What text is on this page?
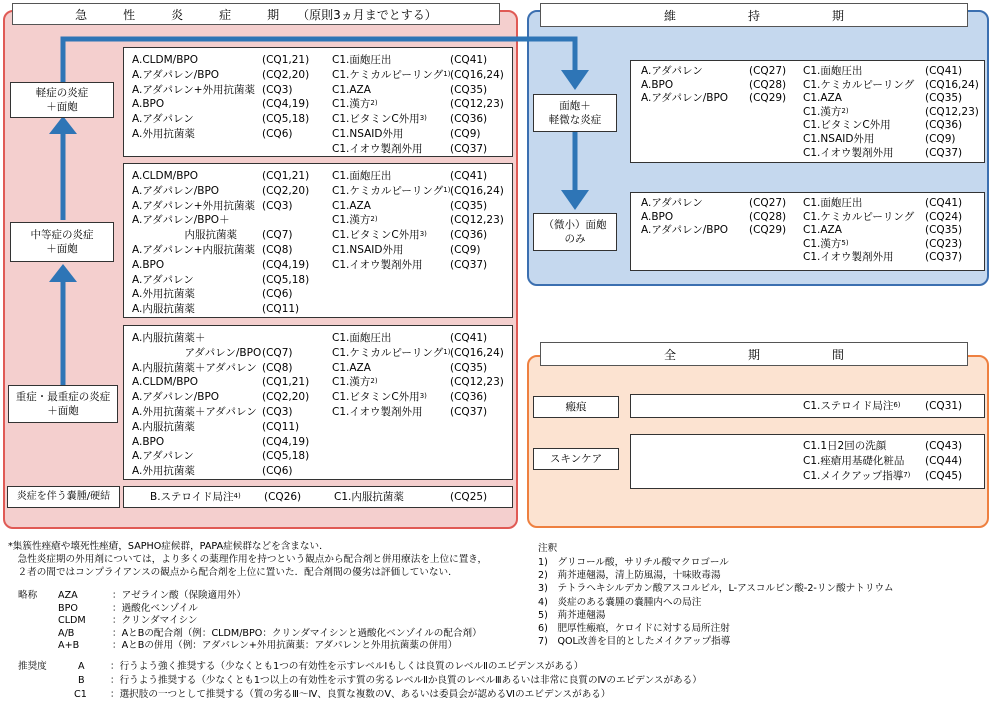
急　　　性　　　炎　　　症　　　期　　（原則3ヵ月までとする）	維　　　　　　持　　　　　　期
全　　　　　　期　　　　　　間
軽症の炎症
＋面皰
中等症の炎症
＋面皰
重症・最重症の炎症
＋面皰
A.CLDM/BPO	(CQ1,21)
A.アダパレン/BPO	(CQ2,20)
A.アダパレン+外用抗菌薬 (CQ3)
A.BPO	(CQ4,19)
A.アダパレン	(CQ5,18)
A.外用抗菌薬	(CQ6)
C1.面皰圧出	(CQ41)
C1.ケミカルピーリング$^{1)}$ (CQ16,24)
C1.AZA	(CQ35)
C1.漢方$^{2)}$	(CQ12,23)
C1.ビタミンC外用$^{3)}$ (CQ36)
C1.NSAID外用	(CQ9)
C1.イオウ製剤外用	(CQ37)
A.CLDM/BPO	(CQ1,21)
A.アダパレン/BPO	(CQ2,20)
A.アダパレン+外用抗菌薬 (CQ3)
A.アダパレン/BPO＋
　　　　　内服抗菌薬 (CQ7)
A.アダパレン+内服抗菌薬 (CQ8)
A.BPO	(CQ4,19)
A.アダパレン	(CQ5,18)
A.外用抗菌薬	(CQ6)
A.内服抗菌薬	(CQ11)
C1.面皰圧出	(CQ41)
C1.ケミカルピーリング$^{1)}$ (CQ16,24)
C1.AZA	(CQ35)
C1.漢方$^{2)}$	(CQ12,23)
C1.ビタミンC外用$^{3)}$ (CQ36)
C1.NSAID外用	(CQ9)
C1.イオウ製剤外用	(CQ37)
A.内服抗菌薬＋
　　　　　アダパレン/BPO (CQ7)
A.内服抗菌薬＋アダパレン (CQ8)
A.CLDM/BPO	(CQ1,21)
A.アダパレン/BPO	(CQ2,20)
A.外用抗菌薬＋アダパレン (CQ3)
A.内服抗菌薬	(CQ11)
A.BPO	(CQ4,19)
A.アダパレン	(CQ5,18)
A.外用抗菌薬	(CQ6)
C1.面皰圧出	(CQ41)
C1.ケミカルピーリング$^{1)}$ (CQ16,24)
C1.AZA	(CQ35)
C1.漢方$^{2)}$	(CQ12,23)
C1.ビタミンC外用$^{3)}$ (CQ36)
C1.イオウ製剤外用	(CQ37)
炎症を伴う嚢腫/硬結	B.ステロイド局注$^{4)}$ (CQ26)	C1.内服抗菌薬	(CQ25)
面皰＋
軽微な炎症
（微小）面皰
のみ
A.アダパレン	(CQ27)
A.BPO	(CQ28)
A.アダパレン/BPO (CQ29)
C1.面皰圧出	(CQ41)
C1.ケミカルピーリング (CQ16,24)
C1.AZA	(CQ35)
C1.漢方$^{2)}$	(CQ12,23)
C1.ビタミンC外用	(CQ36)
C1.NSAID外用	(CQ9)
C1.イオウ製剤外用	(CQ37)
A.アダパレン	(CQ27)
A.BPO	(CQ28)
A.アダパレン/BPO (CQ29)
C1.面皰圧出	(CQ41)
C1.ケミカルピーリング (CQ24)
C1.AZA	(CQ35)
C1.漢方$^{5)}$	(CQ23)
C1.イオウ製剤外用	(CQ37)
瘢痕	C1.ステロイド局注$^{6)}$ (CQ31)
スキンケア
C1.1日2回の洗顔	(CQ43)
C1.痤瘡用基礎化粧品 (CQ44)
C1.メイクアップ指導$^{7)}$ (CQ45)
*集簇性痤瘡や壊死性痤瘡，SAPHO症候群，PAPA症候群などを含まない．
　急性炎症期の外用剤については，より多くの薬理作用を持つという観点から配合剤と併用療法を上位に置き，
　２者の間ではコンプライアンスの観点から配合剤を上位に置いた．配合剤間の優劣は評価していない．
略称
推奨度
注釈
AZA	：アゼライン酸（保険適用外）
BPO	：過酸化ベンゾイル
CLDM	：クリンダマイシン
A/B	：AとBの配合剤（例：CLDM/BPO：クリンダマイシンと過酸化ベンゾイルの配合剤）
A+B	：AとBの併用（例：アダパレン+外用抗菌薬：アダパレンと外用抗菌薬の併用）
A	：行うよう強く推奨する（少なくとも1つの有効性を示すレベルⅠもしくは良質のレベルⅡのエビデンスがある）
B	：行うよう推奨する（少なくとも1つ以上の有効性を示す質の劣るレベルⅡか良質のレベルⅢあるいは非常に良質のⅣのエビデンスがある）
C1 ：選択肢の一つとして推奨する（質の劣るⅢ～Ⅳ、良質な複数のⅤ、あるいは委員会が認めるⅥのエビデンスがある）
1)　グリコール酸，サリチル酸マクロゴール
2)　荊芥連翹湯，清上防風湯，十味敗毒湯
3)　テトラヘキシルデカン酸アスコルビル，L-アスコルビン酸-2-リン酸ナトリウム
4)　炎症のある嚢腫の嚢腫内への局注
5)　荊芥連翹湯
6)　肥厚性瘢痕，ケロイドに対する局所注射
7)　QOL改善を目的としたメイクアップ指導
